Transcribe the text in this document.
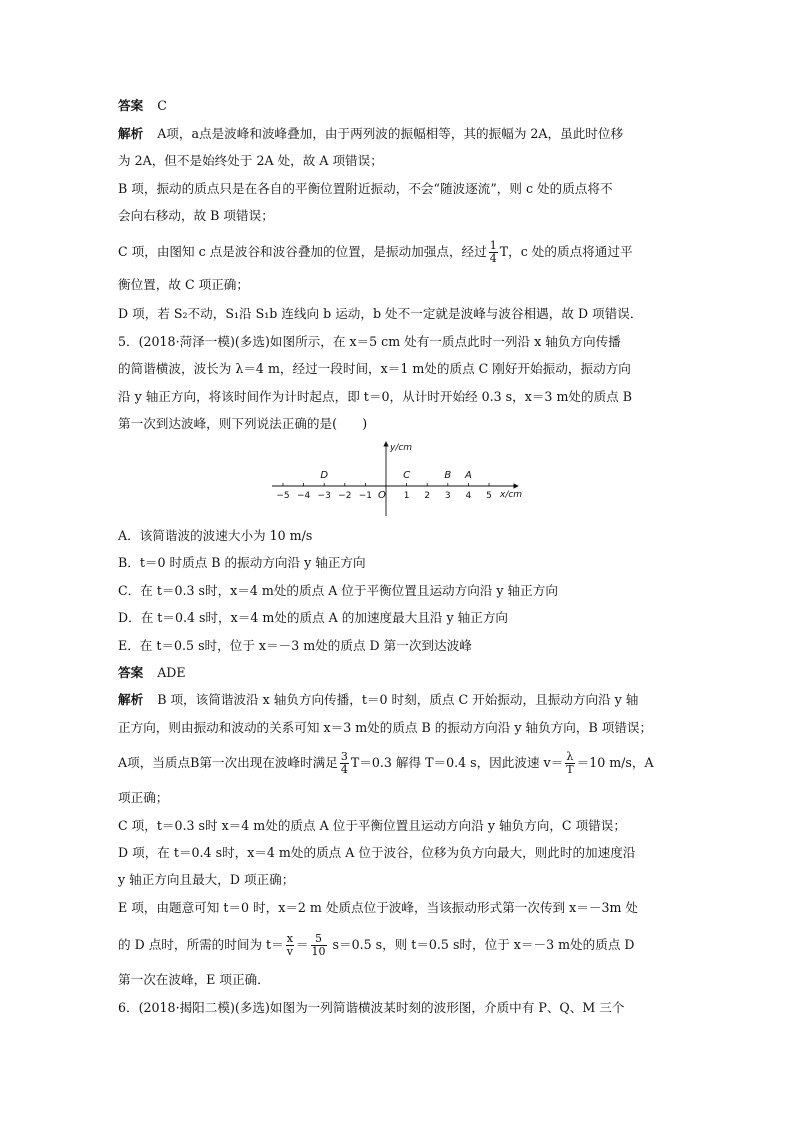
答案 C
解析 A项，a点是波峰和波峰叠加，由于两列波的振幅相等，其的振幅为 2A，虽此时位移
为 2A，但不是始终处于 2A 处，故 A 项错误；
B 项，振动的质点只是在各自的平衡位置附近振动，不会“随波逐流”，则 c 处的质点将不
会向右移动，故 B 项错误；
C 项，由图知 c 点是波谷和波谷叠加的位置，是振动加强点，经过 $\frac{1}{4}$ T，c 处的质点将通过平
衡位置，故 C 项正确；
D 项，若 S₂不动，S₁沿 S₁b 连线向 b 运动，b 处不一定就是波峰与波谷相遇，故 D 项错误．
5．(2018·菏泽一模)(多选)如图所示，在 x＝5 cm 处有一质点此时一列沿 x 轴负方向传播
的简谐横波，波长为 λ＝4 m，经过一段时间，x＝1 m处的质点 C 刚好开始振动，振动方向
沿 y 轴正方向，将该时间作为计时起点，即 t＝0，从计时开始经 0.3 s，x＝3 m处的质点 B
第一次到达波峰，则下列说法正确的是(　　)
y/cm
x/cm
O
−5 −4 −3 −2 −1	1 2 3 4 5
D	C	B A
A．该简谐波的波速大小为 10 m/s
B．t＝0 时质点 B 的振动方向沿 y 轴正方向
C．在 t＝0.3 s时，x＝4 m处的质点 A 位于平衡位置且运动方向沿 y 轴正方向
D．在 t＝0.4 s时，x＝4 m处的质点 A 的加速度最大且沿 y 轴正方向
E．在 t＝0.5 s时，位于 x＝－3 m处的质点 D 第一次到达波峰
答案 ADE
解析 B 项，该简谐波沿 x 轴负方向传播，t＝0 时刻，质点 C 开始振动，且振动方向沿 y 轴
正方向，则由振动和波动的关系可知 x＝3 m处的质点 B 的振动方向沿 y 轴负方向，B 项错误；
A项，当质点B第一次出现在波峰时满足 $\frac{3}{4} T=0.3$ 解得 T＝0.4 s，因此波速 $v= \frac{\lambda}{T} =10$ m/s，A
项正确；
C 项，t＝0.3 s时 x＝4 m处的质点 A 位于平衡位置且运动方向沿 y 轴负方向，C 项错误；
D 项，在 t＝0.4 s时，x＝4 m处的质点 A 位于波谷，位移为负方向最大，则此时的加速度沿
y 轴正方向且最大，D 项正确；
E 项，由题意可知 t＝0 时，x＝2 m 处质点位于波峰，当该振动形式第一次传到 x＝－3m 处
的 D 点时，所需的时间为 $t= \frac{x}{v} = \frac{5}{10} s=0.5$ s，则 t＝0.5 s时，位于 x＝－3 m处的质点 D
第一次在波峰，E 项正确．
6．(2018·揭阳二模)(多选)如图为一列简谐横波某时刻的波形图，介质中有 P、Q、M 三个
